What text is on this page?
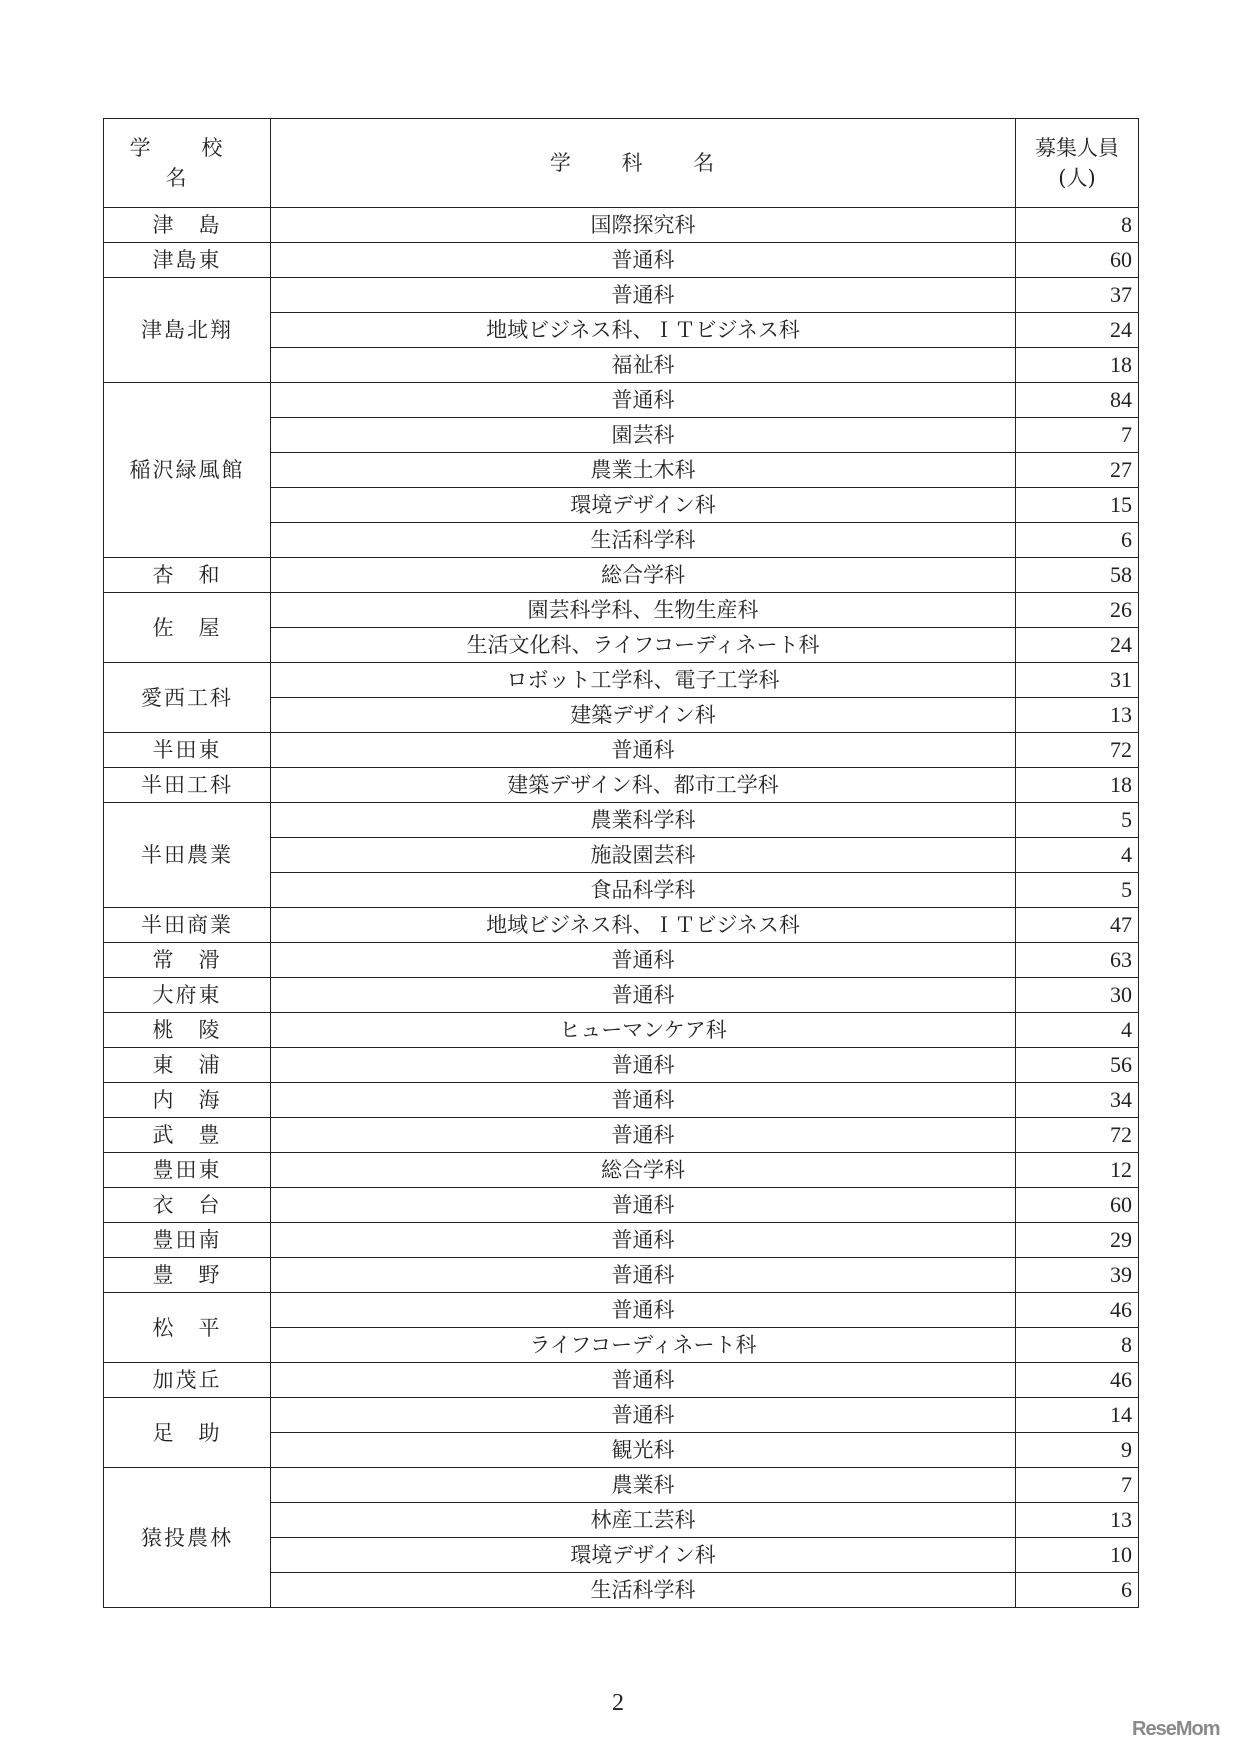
学 校 名	学 科 名	募集人員
(人)
津　島	国際探究科	8
津島東	普通科	60
津島北翔	普通科	37
	地域ビジネス科、ＩＴビジネス科	24
	福祉科	18
稲沢緑風館	普通科	84
	園芸科	7
	農業土木科	27
	環境デザイン科	15
	生活科学科	6
杏　和	総合学科	58
佐　屋	園芸科学科、生物生産科	26
	生活文化科、ライフコーディネート科	24
愛西工科	ロボット工学科、電子工学科	31
	建築デザイン科	13
半田東	普通科	72
半田工科	建築デザイン科、都市工学科	18
半田農業	農業科学科	5
	施設園芸科	4
	食品科学科	5
半田商業	地域ビジネス科、ＩＴビジネス科	47
常　滑	普通科	63
大府東	普通科	30
桃　陵	ヒューマンケア科	4
東　浦	普通科	56
内　海	普通科	34
武　豊	普通科	72
豊田東	総合学科	12
衣　台	普通科	60
豊田南	普通科	29
豊　野	普通科	39
松　平	普通科	46
	ライフコーディネート科	8
加茂丘	普通科	46
足　助	普通科	14
	観光科	9
猿投農林	農業科	7
	林産工芸科	13
	環境デザイン科	10
	生活科学科	6
2
ReseMom
